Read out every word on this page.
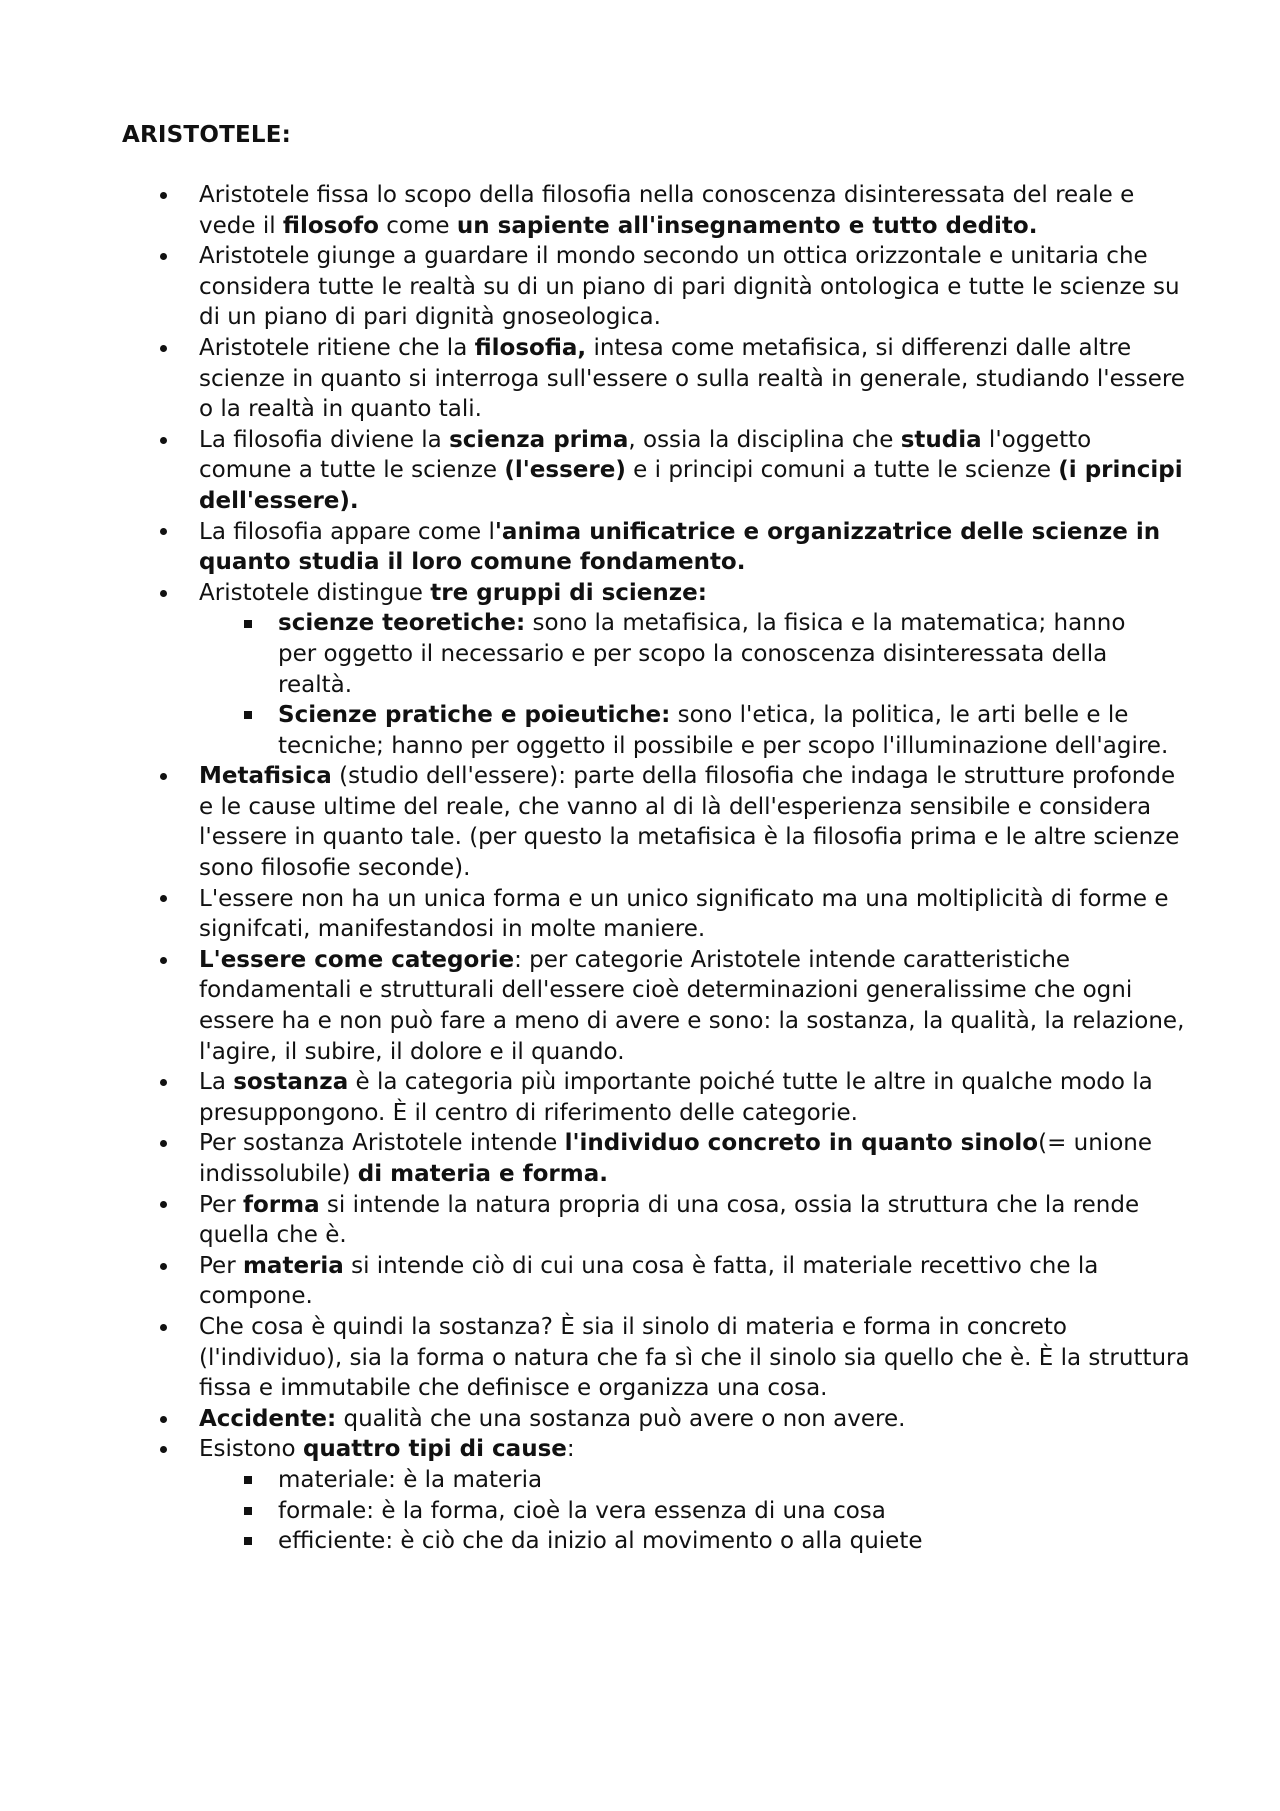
ARISTOTELE:
Aristotele fissa lo scopo della filosofia nella conoscenza disinteressata del reale e vede il filosofo come un sapiente all'insegnamento e tutto dedito.
Aristotele giunge a guardare il mondo secondo un ottica orizzontale e unitaria che considera tutte le realtà su di un piano di pari dignità ontologica e tutte le scienze su di un piano di pari dignità gnoseologica.
Aristotele ritiene che la filosofia, intesa come metafisica, si differenzi dalle altre scienze in quanto si interroga sull'essere o sulla realtà in generale, studiando l'essere o la realtà in quanto tali.
La filosofia diviene la scienza prima, ossia la disciplina che studia l'oggetto comune a tutte le scienze (l'essere) e i principi comuni a tutte le scienze (i principi dell'essere).
La filosofia appare come l'anima unificatrice e organizzatrice delle scienze in quanto studia il loro comune fondamento.
Aristotele distingue tre gruppi di scienze:
scienze teoretiche: sono la metafisica, la fisica e la matematica; hanno per oggetto il necessario e per scopo la conoscenza disinteressata della realtà.
Scienze pratiche e poieutiche: sono l'etica, la politica, le arti belle e le tecniche; hanno per oggetto il possibile e per scopo l'illuminazione dell'agire.
Metafisica (studio dell'essere): parte della filosofia che indaga le strutture profonde e le cause ultime del reale, che vanno al di là dell'esperienza sensibile e considera l'essere in quanto tale. (per questo la metafisica è la filosofia prima e le altre scienze sono filosofie seconde).
L'essere non ha un unica forma e un unico significato ma una moltiplicità di forme e signifcati, manifestandosi in molte maniere.
L'essere come categorie: per categorie Aristotele intende caratteristiche fondamentali e strutturali dell'essere cioè determinazioni generalissime che ogni essere ha e non può fare a meno di avere e sono: la sostanza, la qualità, la relazione, l'agire, il subire, il dolore e il quando.
La sostanza è la categoria più importante poiché tutte le altre in qualche modo la presuppongono. È il centro di riferimento delle categorie.
Per sostanza Aristotele intende l'individuo concreto in quanto sinolo(= unione indissolubile) di materia e forma.
Per forma si intende la natura propria di una cosa, ossia la struttura che la rende quella che è.
Per materia si intende ciò di cui una cosa è fatta, il materiale recettivo che la compone.
Che cosa è quindi la sostanza? È sia il sinolo di materia e forma in concreto (l'individuo), sia la forma o natura che fa sì che il sinolo sia quello che è. È la struttura fissa e immutabile che definisce e organizza una cosa.
Accidente: qualità che una sostanza può avere o non avere.
Esistono quattro tipi di cause:
materiale: è la materia
formale: è la forma, cioè la vera essenza di una cosa
efficiente: è ciò che da inizio al movimento o alla quiete
